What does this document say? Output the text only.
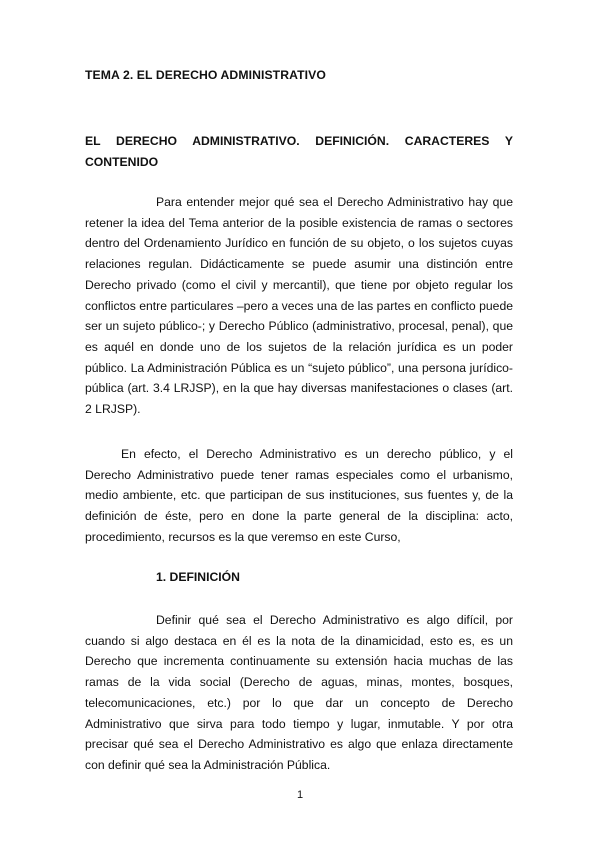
TEMA 2. EL DERECHO ADMINISTRATIVO
EL DERECHO ADMINISTRATIVO. DEFINICIÓN. CARACTERES Y
CONTENIDO

Para entender mejor qué sea el Derecho Administrativo hay que retener la idea del Tema anterior de la posible existencia de ramas o sectores dentro del Ordenamiento Jurídico en función de su objeto, o los sujetos cuyas relaciones regulan. Didácticamente se puede asumir una distinción entre Derecho privado (como el civil y mercantil), que tiene por objeto regular los conflictos entre particulares –pero a veces una de las partes en conflicto puede ser un sujeto público-; y Derecho Público (administrativo, procesal, penal), que es aquél en donde uno de los sujetos de la relación jurídica es un poder público. La Administración Pública es un “sujeto público”, una persona jurídico-pública (art. 3.4 LRJSP), en la que hay diversas manifestaciones o clases (art. 2 LRJSP).

En efecto, el Derecho Administrativo es un derecho público, y el Derecho Administrativo puede tener ramas especiales como el urbanismo, medio ambiente, etc. que participan de sus instituciones, sus fuentes y, de la definición de éste, pero en done la parte general de la disciplina: acto, procedimiento, recursos es la que veremso en este Curso,

1. DEFINICIÓN

Definir qué sea el Derecho Administrativo es algo difícil, por cuando si algo destaca en él es la nota de la dinamicidad, esto es, es un Derecho que incrementa continuamente su extensión hacia muchas de las ramas de la vida social (Derecho de aguas, minas, montes, bosques, telecomunicaciones, etc.) por lo que dar un concepto de Derecho Administrativo que sirva para todo tiempo y lugar, inmutable. Y por otra precisar qué sea el Derecho Administrativo es algo que enlaza directamente con definir qué sea la Administración Pública.

1
